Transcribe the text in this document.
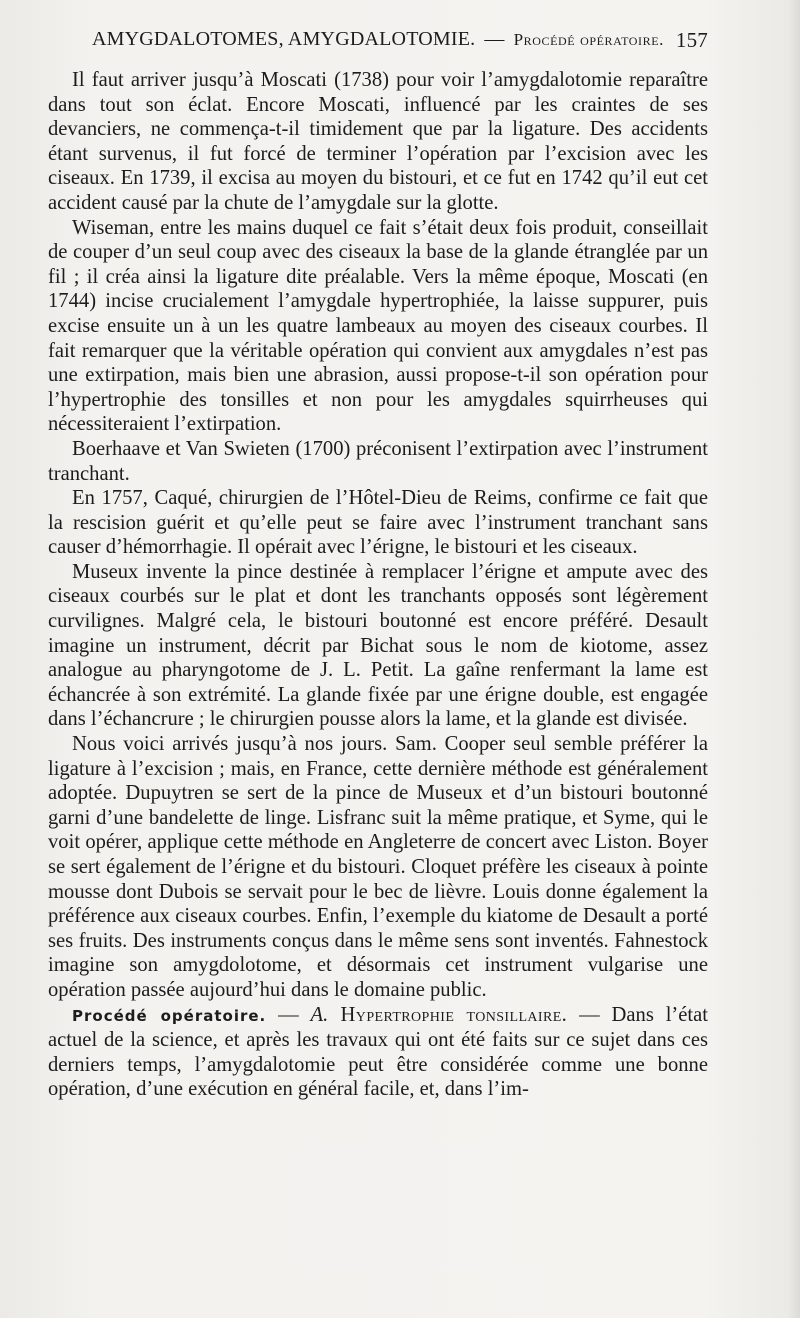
AMYGDALOTOMES, AMYGDALOTOMIE. — Procédé opératoire. 157

Il faut arriver jusqu’à Moscati (1738) pour voir l’amygdalotomie reparaître dans tout son éclat. Encore Moscati, influencé par les craintes de ses devanciers, ne commença-t-il timidement que par la ligature. Des accidents étant survenus, il fut forcé de terminer l’opération par l’excision avec les ciseaux. En 1739, il excisa au moyen du bistouri, et ce fut en 1742 qu’il eut cet accident causé par la chute de l’amygdale sur la glotte.

Wiseman, entre les mains duquel ce fait s’était deux fois produit, conseillait de couper d’un seul coup avec des ciseaux la base de la glande étranglée par un fil ; il créa ainsi la ligature dite préalable. Vers la même époque, Moscati (en 1744) incise crucialement l’amygdale hypertrophiée, la laisse suppurer, puis excise ensuite un à un les quatre lambeaux au moyen des ciseaux courbes. Il fait remarquer que la véritable opération qui convient aux amygdales n’est pas une extirpation, mais bien une abrasion, aussi propose-t-il son opération pour l’hypertrophie des tonsilles et non pour les amygdales squirrheuses qui nécessiteraient l’extirpation.

Boerhaave et Van Swieten (1700) préconisent l’extirpation avec l’instrument tranchant.

En 1757, Caqué, chirurgien de l’Hôtel-Dieu de Reims, confirme ce fait que la rescision guérit et qu’elle peut se faire avec l’instrument tranchant sans causer d’hémorrhagie. Il opérait avec l’érigne, le bistouri et les ciseaux.

Museux invente la pince destinée à remplacer l’érigne et ampute avec des ciseaux courbés sur le plat et dont les tranchants opposés sont légèrement curvilignes. Malgré cela, le bistouri boutonné est encore préféré. Desault imagine un instrument, décrit par Bichat sous le nom de kiotome, assez analogue au pharyngotome de J. L. Petit. La gaîne renfermant la lame est échancrée à son extrémité. La glande fixée par une érigne double, est engagée dans l’échancrure ; le chirurgien pousse alors la lame, et la glande est divisée.

Nous voici arrivés jusqu’à nos jours. Sam. Cooper seul semble préférer la ligature à l’excision ; mais, en France, cette dernière méthode est généralement adoptée. Dupuytren se sert de la pince de Museux et d’un bistouri boutonné garni d’une bandelette de linge. Lisfranc suit la même pratique, et Syme, qui le voit opérer, applique cette méthode en Angleterre de concert avec Liston. Boyer se sert également de l’érigne et du bistouri. Cloquet préfère les ciseaux à pointe mousse dont Dubois se servait pour le bec de lièvre. Louis donne également la préférence aux ciseaux courbes. Enfin, l’exemple du kiatome de Desault a porté ses fruits. Des instruments conçus dans le même sens sont inventés. Fahnestock imagine son amygdolotome, et désormais cet instrument vulgarise une opération passée aujourd’hui dans le domaine public.

Procédé opératoire. — A. Hypertrophie tonsillaire. — Dans l’état actuel de la science, et après les travaux qui ont été faits sur ce sujet dans ces derniers temps, l’amygdalotomie peut être considérée comme une bonne opération, d’une exécution en général facile, et, dans l’im-
